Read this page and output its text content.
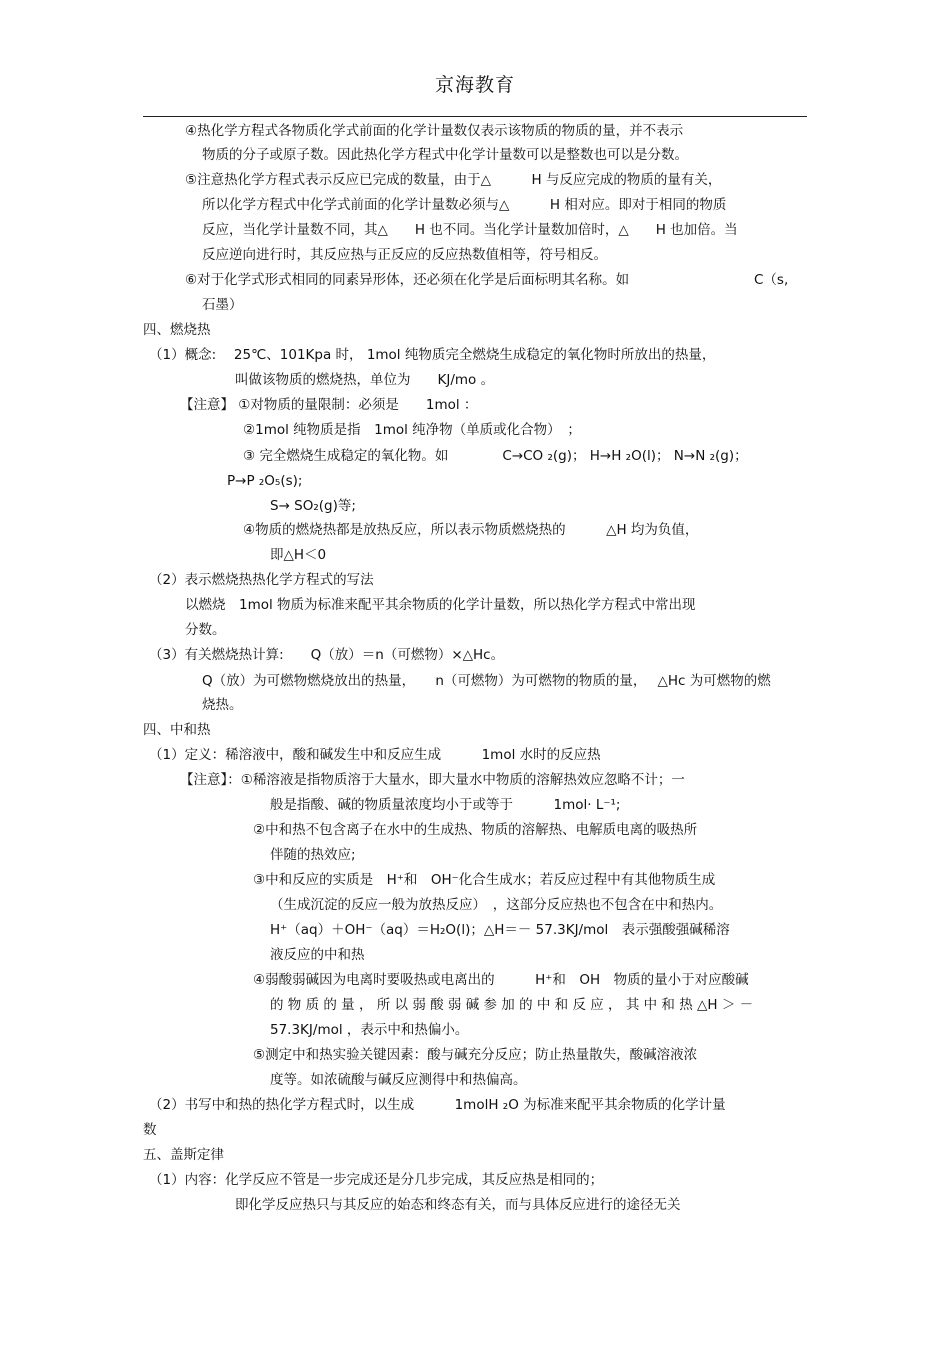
京海教育
④热化学方程式各物质化学式前面的化学计量数仅表示该物质的物质的量，并不表示
物质的分子或原子数。因此热化学方程式中化学计量数可以是整数也可以是分数。
⑤注意热化学方程式表示反应已完成的数量，由于△　　　H 与反应完成的物质的量有关，
所以化学方程式中化学式前面的化学计量数必须与△　　　H 相对应。即对于相同的物质
反应，当化学计量数不同，其△　　H 也不同。当化学计量数加倍时，△　　H 也加倍。当
反应逆向进行时，其反应热与正反应的反应热数值相等，符号相反。
⑥对于化学式形式相同的同素异形体，还必须在化学是后面标明其名称。如	C（s,
石墨）
四、燃烧热
（1）概念:　 25℃、101Kpa 时， 1mol 纯物质完全燃烧生成稳定的氧化物时所放出的热量，
叫做该物质的燃烧热，单位为　　KJ/mo 。
【注意】 ①对物质的量限制：必须是　　1mol ：
②1mol 纯物质是指　1mol 纯净物（单质或化合物）　；
③ 完全燃烧生成稳定的氧化物。如　　　　C→CO ₂(g)； H→H ₂O(l)； N→N ₂(g)；
P→P ₂O₅(s);
S→ SO₂(g)等;
④物质的燃烧热都是放热反应，所以表示物质燃烧热的　　　△H 均为负值，
即△H＜0
（2）表示燃烧热热化学方程式的写法
以燃烧　1mol 物质为标准来配平其余物质的化学计量数，所以热化学方程式中常出现
分数。
（3）有关燃烧热计算:　　Q（放）＝n（可燃物）×△Hc。
Q（放）为可燃物燃烧放出的热量，　　n（可燃物）为可燃物的物质的量，　 △Hc 为可燃物的燃
烧热。
四、中和热
（1）定义：稀溶液中，酸和碱发生中和反应生成　　　1mol 水时的反应热
【注意】：①稀溶液是指物质溶于大量水，即大量水中物质的溶解热效应忽略不计；一
般是指酸、碱的物质量浓度均小于或等于　　　1mol· L⁻¹;
②中和热不包含离子在水中的生成热、物质的溶解热、电解质电离的吸热所
伴随的热效应;
③中和反应的实质是　H⁺和　OH⁻化合生成水；若反应过程中有其他物质生成
（生成沉淀的反应一般为放热反应）　，这部分反应热也不包含在中和热内。
H⁺（aq）＋OH⁻（aq）＝H₂O(l)；△H＝－ 57.3KJ/mol　表示强酸强碱稀溶
液反应的中和热
④弱酸弱碱因为电离时要吸热或电离出的　　　H⁺和　OH　物质的量小于对应酸碱
的 物 质 的 量 ， 所 以 弱 酸 弱 碱 参 加 的 中 和 反 应 ， 其 中 和 热 △H ＞ －
57.3KJ/mol ，表示中和热偏小。
⑤测定中和热实验关键因素：酸与碱充分反应；防止热量散失，酸碱溶液浓
度等。如浓硫酸与碱反应测得中和热偏高。
（2）书写中和热的热化学方程式时，以生成　　　1molH ₂O 为标准来配平其余物质的化学计量
数
五、盖斯定律
（1）内容：化学反应不管是一步完成还是分几步完成，其反应热是相同的；
即化学反应热只与其反应的始态和终态有关，而与具体反应进行的途径无关
